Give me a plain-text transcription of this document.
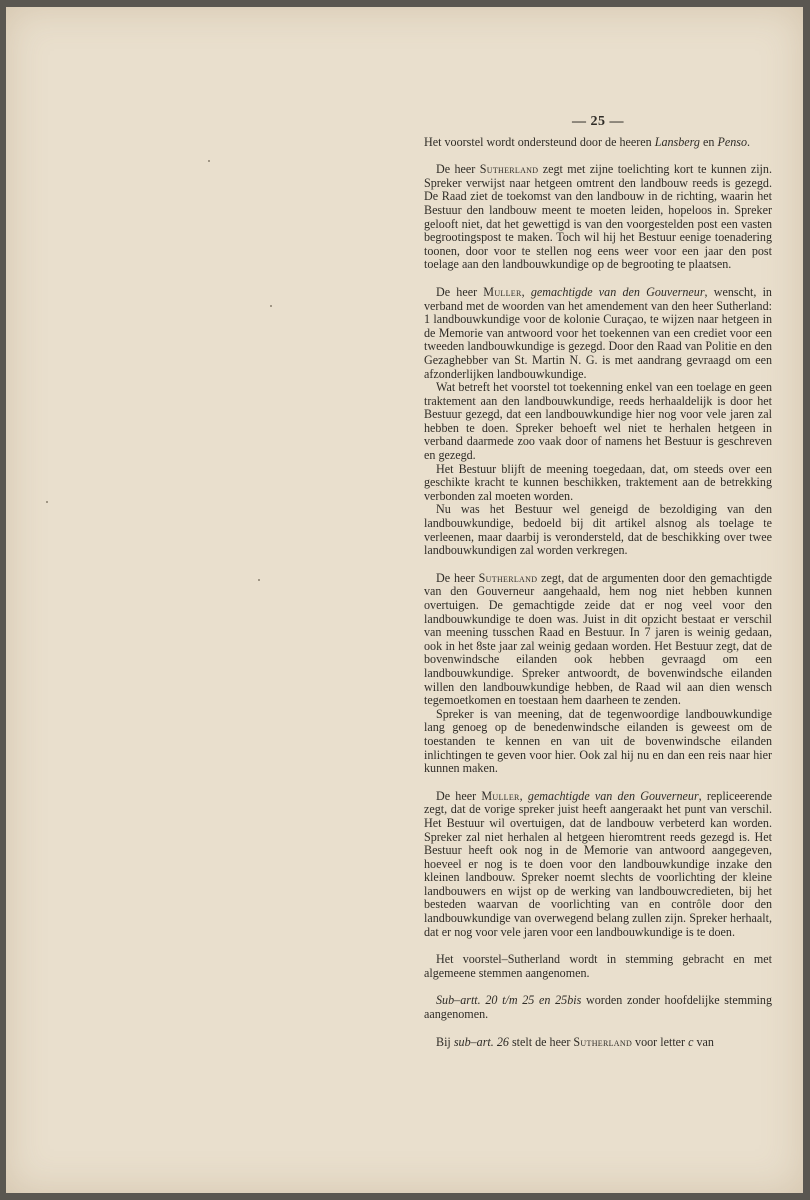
— 25 —

Het voorstel wordt ondersteund door de heeren Lansberg en Penso.

De heer Sutherland zegt met zijne toelichting kort te kunnen zijn. Spreker verwijst naar hetgeen omtrent den landbouw reeds is gezegd. De Raad ziet de toekomst van den landbouw in de richting, waarin het Bestuur den landbouw meent te moeten leiden, hopeloos in. Spreker gelooft niet, dat het gewettigd is van den voorgestelden post een vasten begrootingspost te maken. Toch wil hij het Bestuur eenige toenadering toonen, door voor te stellen nog eens weer voor een jaar den post toelage aan den landbouwkundige op de begrooting te plaatsen.

De heer Muller, gemachtigde van den Gouverneur, wenscht, in verband met de woorden van het amendement van den heer Sutherland: 1 landbouwkundige voor de kolonie Curaçao, te wijzen naar hetgeen in de Memorie van antwoord voor het toekennen van een crediet voor een tweeden landbouwkundige is gezegd. Door den Raad van Politie en den Gezaghebber van St. Martin N. G. is met aandrang gevraagd om een afzonderlijken landbouwkundige.

Wat betreft het voorstel tot toekenning enkel van een toelage en geen traktement aan den landbouwkundige, reeds herhaaldelijk is door het Bestuur gezegd, dat een landbouwkundige hier nog voor vele jaren zal hebben te doen. Spreker behoeft wel niet te herhalen hetgeen in verband daarmede zoo vaak door of namens het Bestuur is geschreven en gezegd.

Het Bestuur blijft de meening toegedaan, dat, om steeds over een geschikte kracht te kunnen beschikken, traktement aan de betrekking verbonden zal moeten worden.

Nu was het Bestuur wel geneigd de bezoldiging van den landbouwkundige, bedoeld bij dit artikel alsnog als toelage te verleenen, maar daarbij is verondersteld, dat de beschikking over twee landbouwkundigen zal worden verkregen.

De heer Sutherland zegt, dat de argumenten door den gemachtigde van den Gouverneur aangehaald, hem nog niet hebben kunnen overtuigen. De gemachtigde zeide dat er nog veel voor den landbouwkundige te doen was. Juist in dit opzicht bestaat er verschil van meening tusschen Raad en Bestuur. In 7 jaren is weinig gedaan, ook in het 8ste jaar zal weinig gedaan worden. Het Bestuur zegt, dat de bovenwindsche eilanden ook hebben gevraagd om een landbouwkundige. Spreker antwoordt, de bovenwindsche eilanden willen den landbouwkundige hebben, de Raad wil aan dien wensch tegemoetkomen en toestaan hem daarheen te zenden.

Spreker is van meening, dat de tegenwoordige landbouwkundige lang genoeg op de benedenwindsche eilanden is geweest om de toestanden te kennen en van uit de bovenwindsche eilanden inlichtingen te geven voor hier. Ook zal hij nu en dan een reis naar hier kunnen maken.

De heer Muller, gemachtigde van den Gouverneur, repliceerende zegt, dat de vorige spreker juist heeft aangeraakt het punt van verschil. Het Bestuur wil overtuigen, dat de landbouw verbeterd kan worden. Spreker zal niet herhalen al hetgeen hieromtrent reeds gezegd is. Het Bestuur heeft ook nog in de Memorie van antwoord aangegeven, hoeveel er nog is te doen voor den landbouwkundige inzake den kleinen landbouw. Spreker noemt slechts de voorlichting der kleine landbouwers en wijst op de werking van landbouwcredieten, bij het besteden waarvan de voorlichting van en contrôle door den landbouwkundige van overwegend belang zullen zijn. Spreker herhaalt, dat er nog voor vele jaren voor een landbouwkundige is te doen.

Het voorstel–Sutherland wordt in stemming gebracht en met algemeene stemmen aangenomen.

Sub–artt. 20 t/m 25 en 25bis worden zonder hoofdelijke stemming aangenomen.

Bij sub–art. 26 stelt de heer Sutherland voor letter c van
